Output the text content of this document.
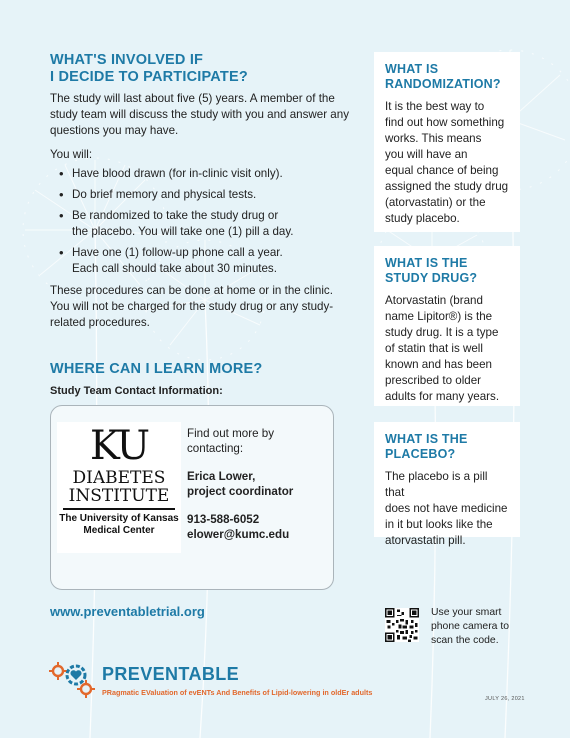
WHAT'S INVOLVED IF
I DECIDE TO PARTICIPATE?

The study will last about five (5) years. A member of the study team will discuss the study with you and answer any questions you may have.

You will:

• Have blood drawn (for in-clinic visit only).
• Do brief memory and physical tests.
• Be randomized to take the study drug or
the placebo. You will take one (1) pill a day.
• Have one (1) follow-up phone call a year.
Each call should take about 30 minutes.

These procedures can be done at home or in the clinic. You will not be charged for the study drug or any study-related procedures.

WHERE CAN I LEARN MORE?

Study Team Contact Information:

KU
DIABETES
INSTITUTE
The University of Kansas
Medical Center
Find out more by
contacting:
Erica Lower,
project coordinator
913-588-6052
elower@kumc.edu
www.preventabletrial.org
PREVENTABLE
PRagmatic EValuation of evENTs And Benefits of Lipid-lowering in oldEr adults
WHAT IS
RANDOMIZATION?

It is the best way to
find out how something
works. This means
you will have an
equal chance of being
assigned the study drug
(atorvastatin) or the
study placebo.

WHAT IS THE
STUDY DRUG?

Atorvastatin (brand
name Lipitor®) is the
study drug. It is a type
of statin that is well
known and has been
prescribed to older
adults for many years.

WHAT IS THE
PLACEBO?

The placebo is a pill that
does not have medicine
in it but looks like the
atorvastatin pill.

Use your smart
phone camera to
scan the code.
JULY 26, 2021
